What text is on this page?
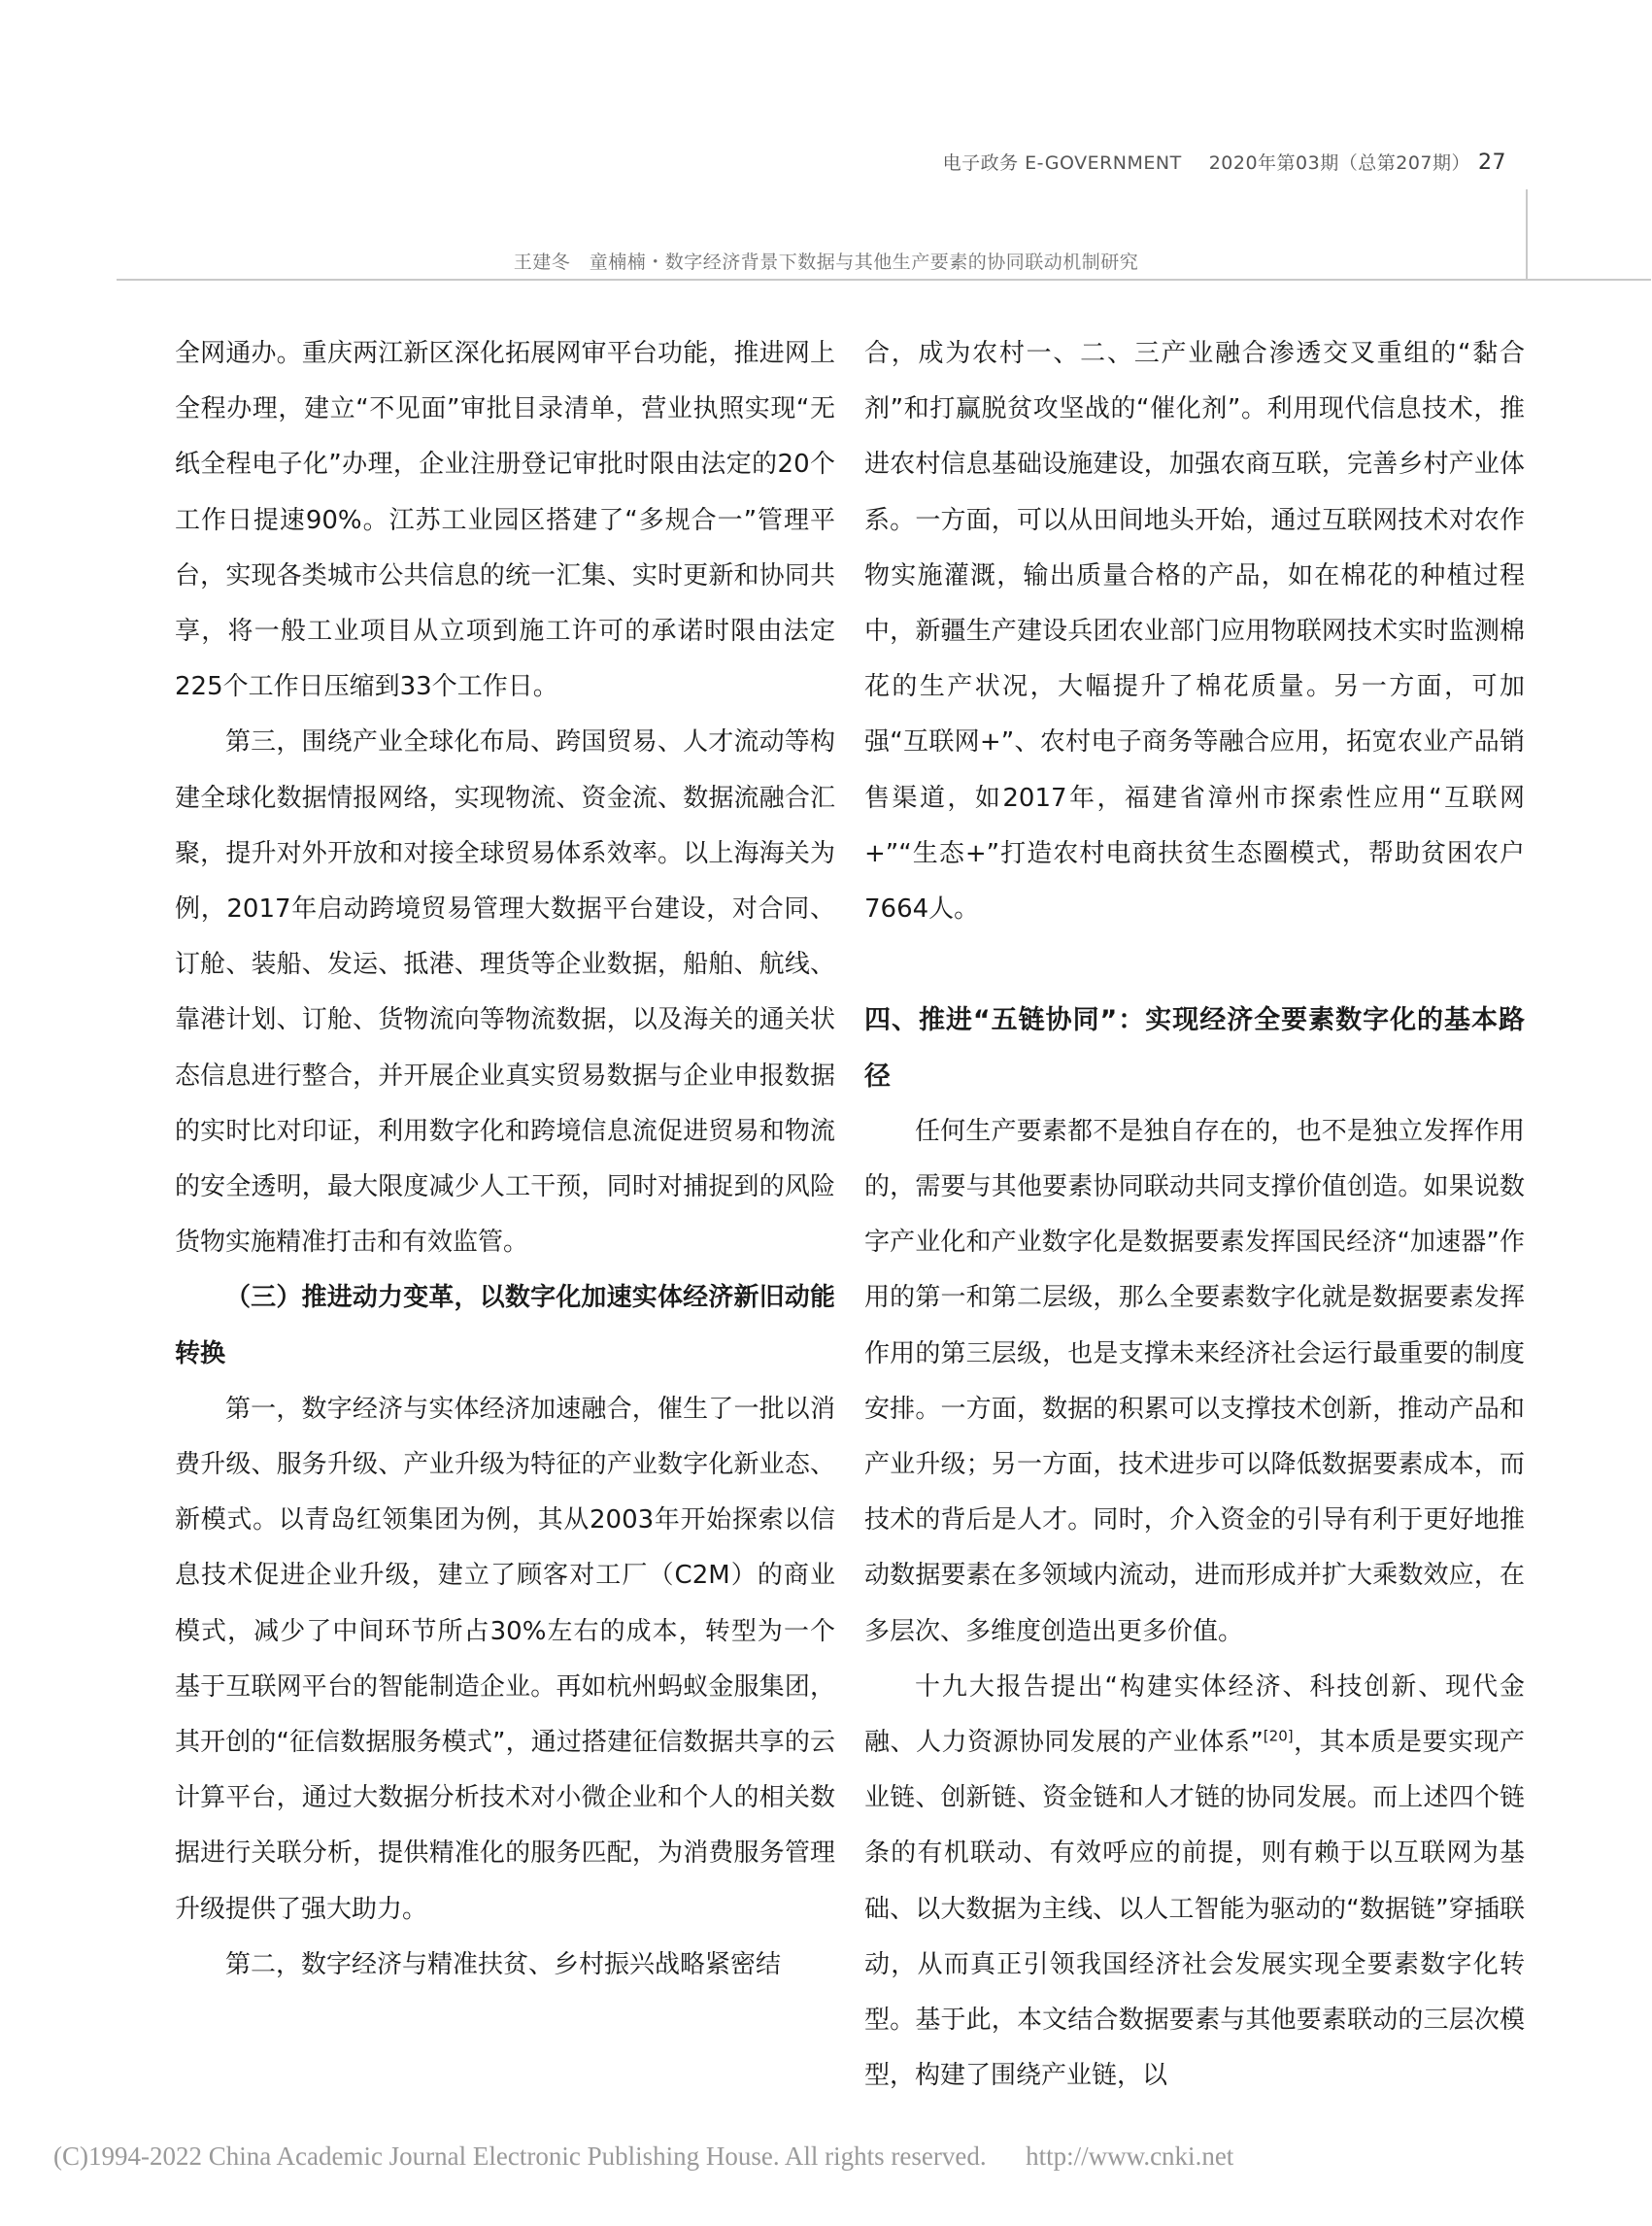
电子政务 E-GOVERNMENT 2020年第03期（总第207期） 27
王建冬　童楠楠・数字经济背景下数据与其他生产要素的协同联动机制研究

全网通办。重庆两江新区深化拓展网审平台功能，推进网上全程办理，建立“不见面”审批目录清单，营业执照实现“无纸全程电子化”办理，企业注册登记审批时限由法定的20个工作日提速90%。江苏工业园区搭建了“多规合一”管理平台，实现各类城市公共信息的统一汇集、实时更新和协同共享，将一般工业项目从立项到施工许可的承诺时限由法定225个工作日压缩到33个工作日。

第三，围绕产业全球化布局、跨国贸易、人才流动等构建全球化数据情报网络，实现物流、资金流、数据流融合汇聚，提升对外开放和对接全球贸易体系效率。以上海海关为例，2017年启动跨境贸易管理大数据平台建设，对合同、订舱、装船、发运、抵港、理货等企业数据，船舶、航线、靠港计划、订舱、货物流向等物流数据，以及海关的通关状态信息进行整合，并开展企业真实贸易数据与企业申报数据的实时比对印证，利用数字化和跨境信息流促进贸易和物流的安全透明，最大限度减少人工干预，同时对捕捉到的风险货物实施精准打击和有效监管。

（三）推进动力变革，以数字化加速实体经济新旧动能转换

第一，数字经济与实体经济加速融合，催生了一批以消费升级、服务升级、产业升级为特征的产业数字化新业态、新模式。以青岛红领集团为例，其从2003年开始探索以信息技术促进企业升级，建立了顾客对工厂（C2M）的商业模式，减少了中间环节所占30%左右的成本，转型为一个基于互联网平台的智能制造企业。再如杭州蚂蚁金服集团，其开创的“征信数据服务模式”，通过搭建征信数据共享的云计算平台，通过大数据分析技术对小微企业和个人的相关数据进行关联分析，提供精准化的服务匹配，为消费服务管理升级提供了强大助力。

第二，数字经济与精准扶贫、乡村振兴战略紧密结

合，成为农村一、二、三产业融合渗透交叉重组的“黏合剂”和打赢脱贫攻坚战的“催化剂”。利用现代信息技术，推进农村信息基础设施建设，加强农商互联，完善乡村产业体系。一方面，可以从田间地头开始，通过互联网技术对农作物实施灌溉，输出质量合格的产品，如在棉花的种植过程中，新疆生产建设兵团农业部门应用物联网技术实时监测棉花的生产状况，大幅提升了棉花质量。另一方面，可加强“互联网+”、农村电子商务等融合应用，拓宽农业产品销售渠道，如2017年，福建省漳州市探索性应用“互联网+”“生态+”打造农村电商扶贫生态圈模式，帮助贫困农户7664人。

四、推进“五链协同”：实现经济全要素数字化的基本路径

任何生产要素都不是独自存在的，也不是独立发挥作用的，需要与其他要素协同联动共同支撑价值创造。如果说数字产业化和产业数字化是数据要素发挥国民经济“加速器”作用的第一和第二层级，那么全要素数字化就是数据要素发挥作用的第三层级，也是支撑未来经济社会运行最重要的制度安排。一方面，数据的积累可以支撑技术创新，推动产品和产业升级；另一方面，技术进步可以降低数据要素成本，而技术的背后是人才。同时，介入资金的引导有利于更好地推动数据要素在多领域内流动，进而形成并扩大乘数效应，在多层次、多维度创造出更多价值。

十九大报告提出“构建实体经济、科技创新、现代金融、人力资源协同发展的产业体系”[20]，其本质是要实现产业链、创新链、资金链和人才链的协同发展。而上述四个链条的有机联动、有效呼应的前提，则有赖于以互联网为基础、以大数据为主线、以人工智能为驱动的“数据链”穿插联动，从而真正引领我国经济社会发展实现全要素数字化转型。基于此，本文结合数据要素与其他要素联动的三层次模型，构建了围绕产业链，以

(C)1994-2022 China Academic Journal Electronic Publishing House. All rights reserved. http://www.cnki.net
